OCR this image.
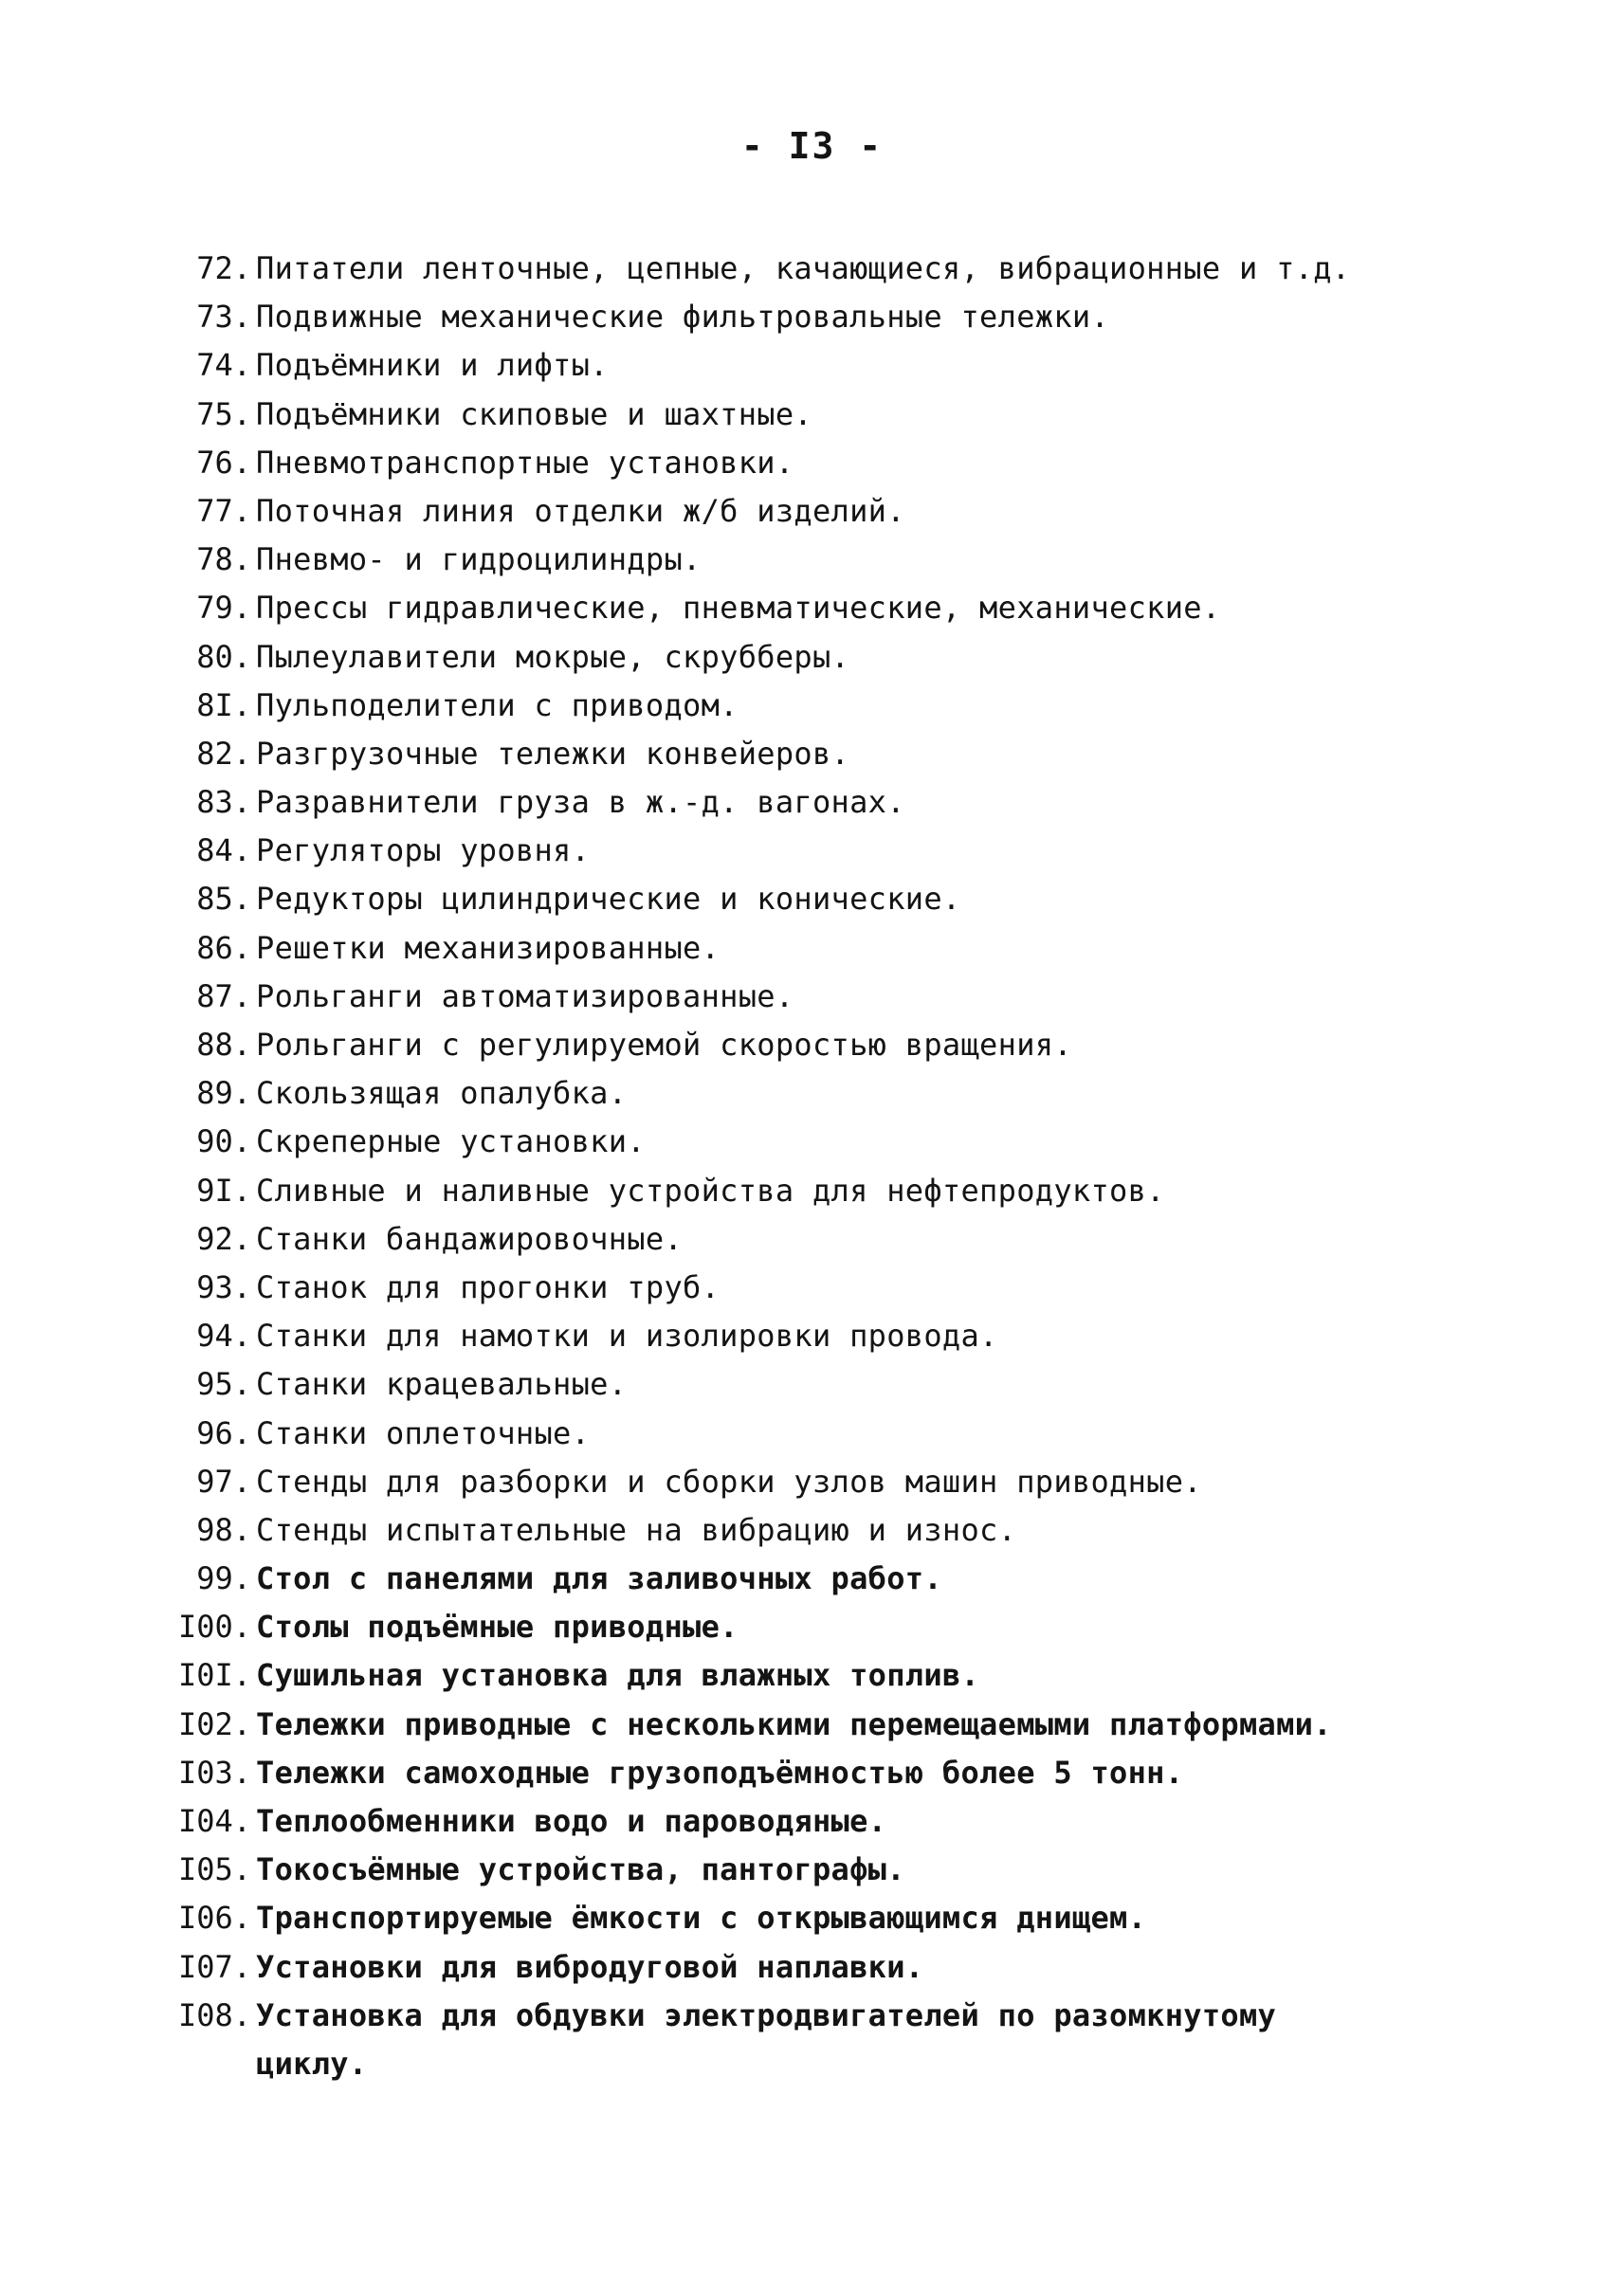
- I3 -
72. Питатели ленточные, цепные, качающиеся, вибрационные и т.д.
73. Подвижные механические фильтровальные тележки.
74. Подъёмники и лифты.
75. Подъёмники скиповые и шахтные.
76. Пневмотранспортные установки.
77. Поточная линия отделки ж/б изделий.
78. Пневмо- и гидроцилиндры.
79. Прессы гидравлические, пневматические, механические.
80. Пылеулавители мокрые, скрубберы.
8I. Пульподелители с приводом.
82. Разгрузочные тележки конвейеров.
83. Разравнители груза в ж.-д. вагонах.
84. Регуляторы уровня.
85. Редукторы цилиндрические и конические.
86. Решетки механизированные.
87. Рольганги автоматизированные.
88. Рольганги с регулируемой скоростью вращения.
89. Скользящая опалубка.
90. Скреперные установки.
9I. Сливные и наливные устройства для нефтепродуктов.
92. Станки бандажировочные.
93. Станок для прогонки труб.
94. Станки для намотки и изолировки провода.
95. Станки крацевальные.
96. Станки оплеточные.
97. Стенды для разборки и сборки узлов машин приводные.
98. Стенды испытательные на вибрацию и износ.
99. Стол с панелями для заливочных работ.
I00. Столы подъёмные приводные.
I0I. Сушильная установка для влажных топлив.
I02. Тележки приводные с несколькими перемещаемыми платформами.
I03. Тележки самоходные грузоподъёмностью более 5 тонн.
I04. Теплообменники водо и пароводяные.
I05. Токосъёмные устройства, пантографы.
I06. Транспортируемые ёмкости с открывающимся днищем.
I07. Установки для вибродуговой наплавки.
I08. Установка для обдувки электродвигателей по разомкнутому
циклу.
